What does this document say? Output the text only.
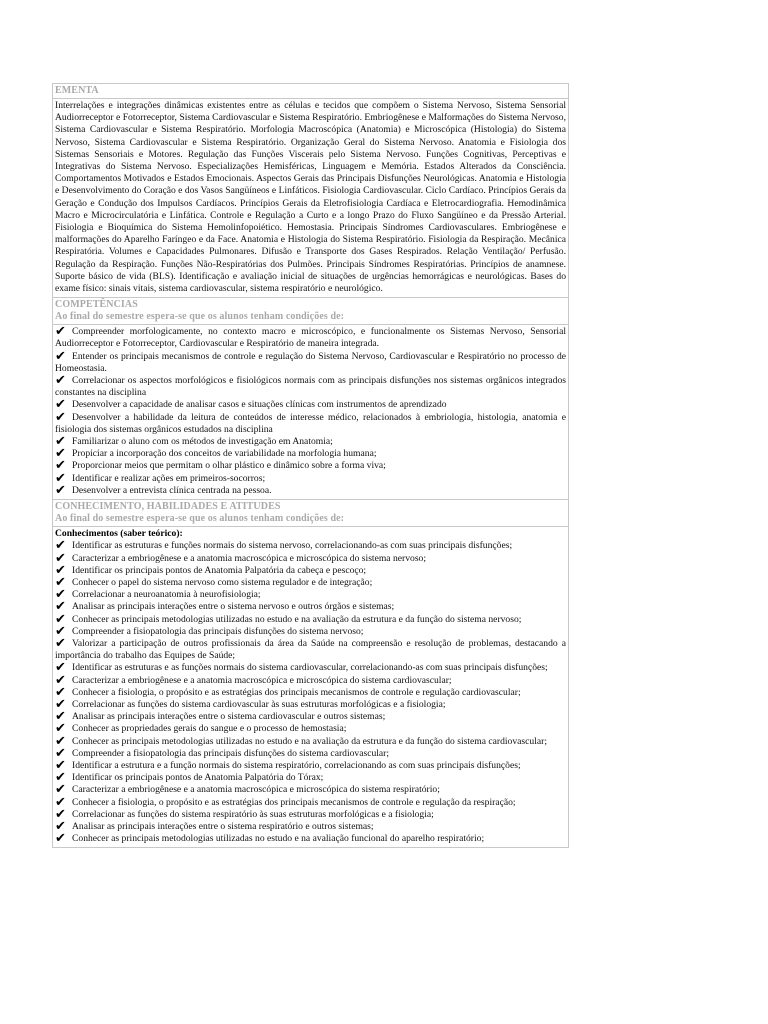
EMENTA

Interrelações e integrações dinâmicas existentes entre as células e tecidos que compõem o Sistema Nervoso, Sistema Sensorial Audiorreceptor e Fotorreceptor, Sistema Cardiovascular e Sistema Respiratório. Embriogênese e Malformações do Sistema Nervoso, Sistema Cardiovascular e Sistema Respiratório. Morfologia Macroscópica (Anatomia) e Microscópica (Histologia) do Sistema Nervoso, Sistema Cardiovascular e Sistema Respiratório. Organização Geral do Sistema Nervoso. Anatomia e Fisiologia dos Sistemas Sensoriais e Motores. Regulação das Funções Viscerais pelo Sistema Nervoso. Funções Cognitivas, Perceptivas e Integrativas do Sistema Nervoso. Especializações Hemisféricas, Linguagem e Memória. Estados Alterados da Consciência. Comportamentos Motivados e Estados Emocionais. Aspectos Gerais das Principais Disfunções Neurológicas. Anatomia e Histologia e Desenvolvimento do Coração e dos Vasos Sangüíneos e Linfáticos. Fisiologia Cardiovascular. Ciclo Cardíaco. Princípios Gerais da Geração e Condução dos Impulsos Cardíacos. Princípios Gerais da Eletrofisiologia Cardíaca e Eletrocardiografia. Hemodinâmica Macro e Microcirculatória e Linfática. Controle e Regulação a Curto e a longo Prazo do Fluxo Sangüíneo e da Pressão Arterial. Fisiologia e Bioquímica do Sistema Hemolinfopoiético. Hemostasia. Principais Síndromes Cardiovasculares. Embriogênese e malformações do Aparelho Faríngeo e da Face. Anatomia e Histologia do Sistema Respiratório. Fisiologia da Respiração. Mecânica Respiratória. Volumes e Capacidades Pulmonares. Difusão e Transporte dos Gases Respirados. Relação Ventilação/ Perfusão. Regulação da Respiração. Funções Não-Respiratórias dos Pulmões. Principais Síndromes Respiratórias. Princípios de anamnese. Suporte básico de vida (BLS). Identificação e avaliação inicial de situações de urgências hemorrágicas e neurológicas. Bases do exame físico: sinais vitais, sistema cardiovascular, sistema respiratório e neurológico.

COMPETÊNCIAS
Ao final do semestre espera-se que os alunos tenham condições de:
✔ Compreender morfologicamente, no contexto macro e microscópico, e funcionalmente os Sistemas Nervoso, Sensorial Audiorreceptor e Fotorreceptor, Cardiovascular e Respiratório de maneira integrada.
✔ Entender os principais mecanismos de controle e regulação do Sistema Nervoso, Cardiovascular e Respiratório no processo de Homeostasia.
✔ Correlacionar os aspectos morfológicos e fisiológicos normais com as principais disfunções nos sistemas orgânicos integrados constantes na disciplina
✔ Desenvolver a capacidade de analisar casos e situações clínicas com instrumentos de aprendizado
✔ Desenvolver a habilidade da leitura de conteúdos de interesse médico, relacionados à embriologia, histologia, anatomia e fisiologia dos sistemas orgânicos estudados na disciplina
✔ Familiarizar o aluno com os métodos de investigação em Anatomia;
✔ Propiciar a incorporação dos conceitos de variabilidade na morfologia humana;
✔ Proporcionar meios que permitam o olhar plástico e dinâmico sobre a forma viva;
✔ Identificar e realizar ações em primeiros-socorros;
✔ Desenvolver a entrevista clínica centrada na pessoa.
CONHECIMENTO, HABILIDADES E ATITUDES
Ao final do semestre espera-se que os alunos tenham condições de:
Conhecimentos (saber teórico):
✔ Identificar as estruturas e funções normais do sistema nervoso, correlacionando-as com suas principais disfunções;
✔ Caracterizar a embriogênese e a anatomia macroscópica e microscópica do sistema nervoso;
✔ Identificar os principais pontos de Anatomia Palpatória da cabeça e pescoço;
✔ Conhecer o papel do sistema nervoso como sistema regulador e de integração;
✔ Correlacionar a neuroanatomia à neurofisiologia;
✔ Analisar as principais interações entre o sistema nervoso e outros órgãos e sistemas;
✔ Conhecer as principais metodologias utilizadas no estudo e na avaliação da estrutura e da função do sistema nervoso;
✔ Compreender a fisiopatologia das principais disfunções do sistema nervoso;
✔ Valorizar a participação de outros profissionais da área da Saúde na compreensão e resolução de problemas, destacando a importância do trabalho das Equipes de Saúde;
✔ Identificar as estruturas e as funções normais do sistema cardiovascular, correlacionando-as com suas principais disfunções;
✔ Caracterizar a embriogênese e a anatomia macroscópica e microscópica do sistema cardiovascular;
✔ Conhecer a fisiologia, o propósito e as estratégias dos principais mecanismos de controle e regulação cardiovascular;
✔ Correlacionar as funções do sistema cardiovascular às suas estruturas morfológicas e a fisiologia;
✔ Analisar as principais interações entre o sistema cardiovascular e outros sistemas;
✔ Conhecer as propriedades gerais do sangue e o processo de hemostasia;
✔ Conhecer as principais metodologias utilizadas no estudo e na avaliação da estrutura e da função do sistema cardiovascular;
✔ Compreender a fisiopatologia das principais disfunções do sistema cardiovascular;
✔ Identificar a estrutura e a função normais do sistema respiratório, correlacionando as com suas principais disfunções;
✔ Identificar os principais pontos de Anatomia Palpatória do Tórax;
✔ Caracterizar a embriogênese e a anatomia macroscópica e microscópica do sistema respiratório;
✔ Conhecer a fisiologia, o propósito e as estratégias dos principais mecanismos de controle e regulação da respiração;
✔ Correlacionar as funções do sistema respiratório às suas estruturas morfológicas e a fisiologia;
✔ Analisar as principais interações entre o sistema respiratório e outros sistemas;
✔ Conhecer as principais metodologias utilizadas no estudo e na avaliação funcional do aparelho respiratório;
